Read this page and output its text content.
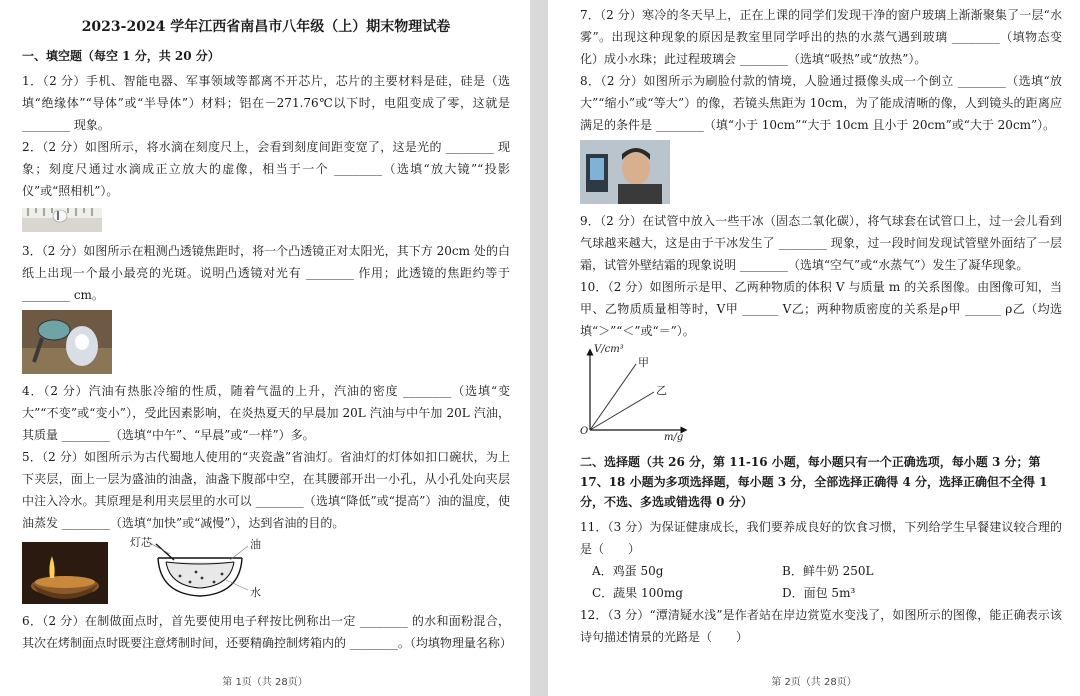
2023-2024 学年江西省南昌市八年级（上）期末物理试卷
一、填空题（每空 1 分，共 20 分）

1．（2 分）手机、智能电器、军事领域等都离不开芯片，芯片的主要材料是硅，硅是（选填“绝缘体”“导体”或“半导体”）材料；铝在－271.76℃以下时，电阻变成了零，这就是 ________ 现象。

2．（2 分）如图所示，将水滴在刻度尺上，会看到刻度间距变宽了，这是光的 ________ 现象；刻度尺通过水滴成正立放大的虚像，相当于一个 ________（选填“放大镜”“投影仪”或“照相机”）。

3．（2 分）如图所示在粗测凸透镜焦距时，将一个凸透镜正对太阳光，其下方 20cm 处的白纸上出现一个最小最亮的光斑。说明凸透镜对光有 ________ 作用；此透镜的焦距约等于 ________ cm。

4．（2 分）汽油有热胀冷缩的性质，随着气温的上升，汽油的密度 ________（选填“变大”“不变”或“变小”），受此因素影响，在炎热夏天的早晨加 20L 汽油与中午加 20L 汽油，其质量 ________（选填“中午”、“早晨”或“一样”）多。

5．（2 分）如图所示为古代蜀地人使用的“夹瓷盏”省油灯。省油灯的灯体如扣口碗状，为上下夹层，面上一层为盛油的油盏，油盏下腹部中空，在其腰部开出一小孔，从小孔处向夹层中注入冷水。其原理是利用夹层里的水可以 ________（选填“降低”或“提高”）油的温度，使油蒸发 ________（选填“加快”或“减慢”），达到省油的目的。

灯芯	油
水

6．（2 分）在制做面点时，首先要使用电子秤按比例称出一定 ________ 的水和面粉混合，其次在烤制面点时既要注意烤制时间，还要精确控制烤箱内的 ________。（均填物理量名称）

第 1页（共 28页）

7．（2 分）寒冷的冬天早上，正在上课的同学们发现干净的窗户玻璃上渐渐聚集了一层“水雾”。出现这种现象的原因是教室里同学呼出的热的水蒸气遇到玻璃 ________（填物态变化）成小水珠；此过程玻璃会 ________（选填“吸热”或“放热”）。

8．（2 分）如图所示为刷脸付款的情境，人脸通过摄像头成一个倒立 ________（选填“放大”“缩小”或“等大”）的像，若镜头焦距为 10cm，为了能成清晰的像，人到镜头的距离应满足的条件是 ________（填“小于 10cm”“大于 10cm 且小于 20cm”或“大于 20cm”）。

9．（2 分）在试管中放入一些干冰（固态二氧化碳），将气球套在试管口上，过一会儿看到气球越来越大，这是由于干冰发生了 ________ 现象，过一段时间发现试管壁外面结了一层霜，试管外壁结霜的现象说明 ________（选填“空气”或“水蒸气”）发生了凝华现象。

10．（2 分）如图所示是甲、乙两种物质的体积 V 与质量 m 的关系图像。由图像可知，当甲、乙物质质量相等时，V甲 ______ V乙；两种物质密度的关系是ρ甲 ______ ρ乙（均选填“＞”“＜”或“＝”）。

V/cm³
m/g
O
甲
乙
二、选择题（共 26 分，第 11-16 小题，每小题只有一个正确选项，每小题 3 分；第 17、18 小题为多项选择题，每小题 3 分，全部选择正确得 4 分，选择正确但不全得 1 分，不选、多选或错选得 0 分）

11．（3 分）为保证健康成长，我们要养成良好的饮食习惯，下列给学生早餐建议较合理的是（　　）

A．鸡蛋 50g	B．鲜牛奶 250L
C．蔬果 100mg	D．面包 5m³

12．（3 分）“潭清疑水浅”是作者站在岸边赏览水变浅了，如图所示的图像，能正确表示该诗句描述情景的光路是（　　）

第 2页（共 28页）
